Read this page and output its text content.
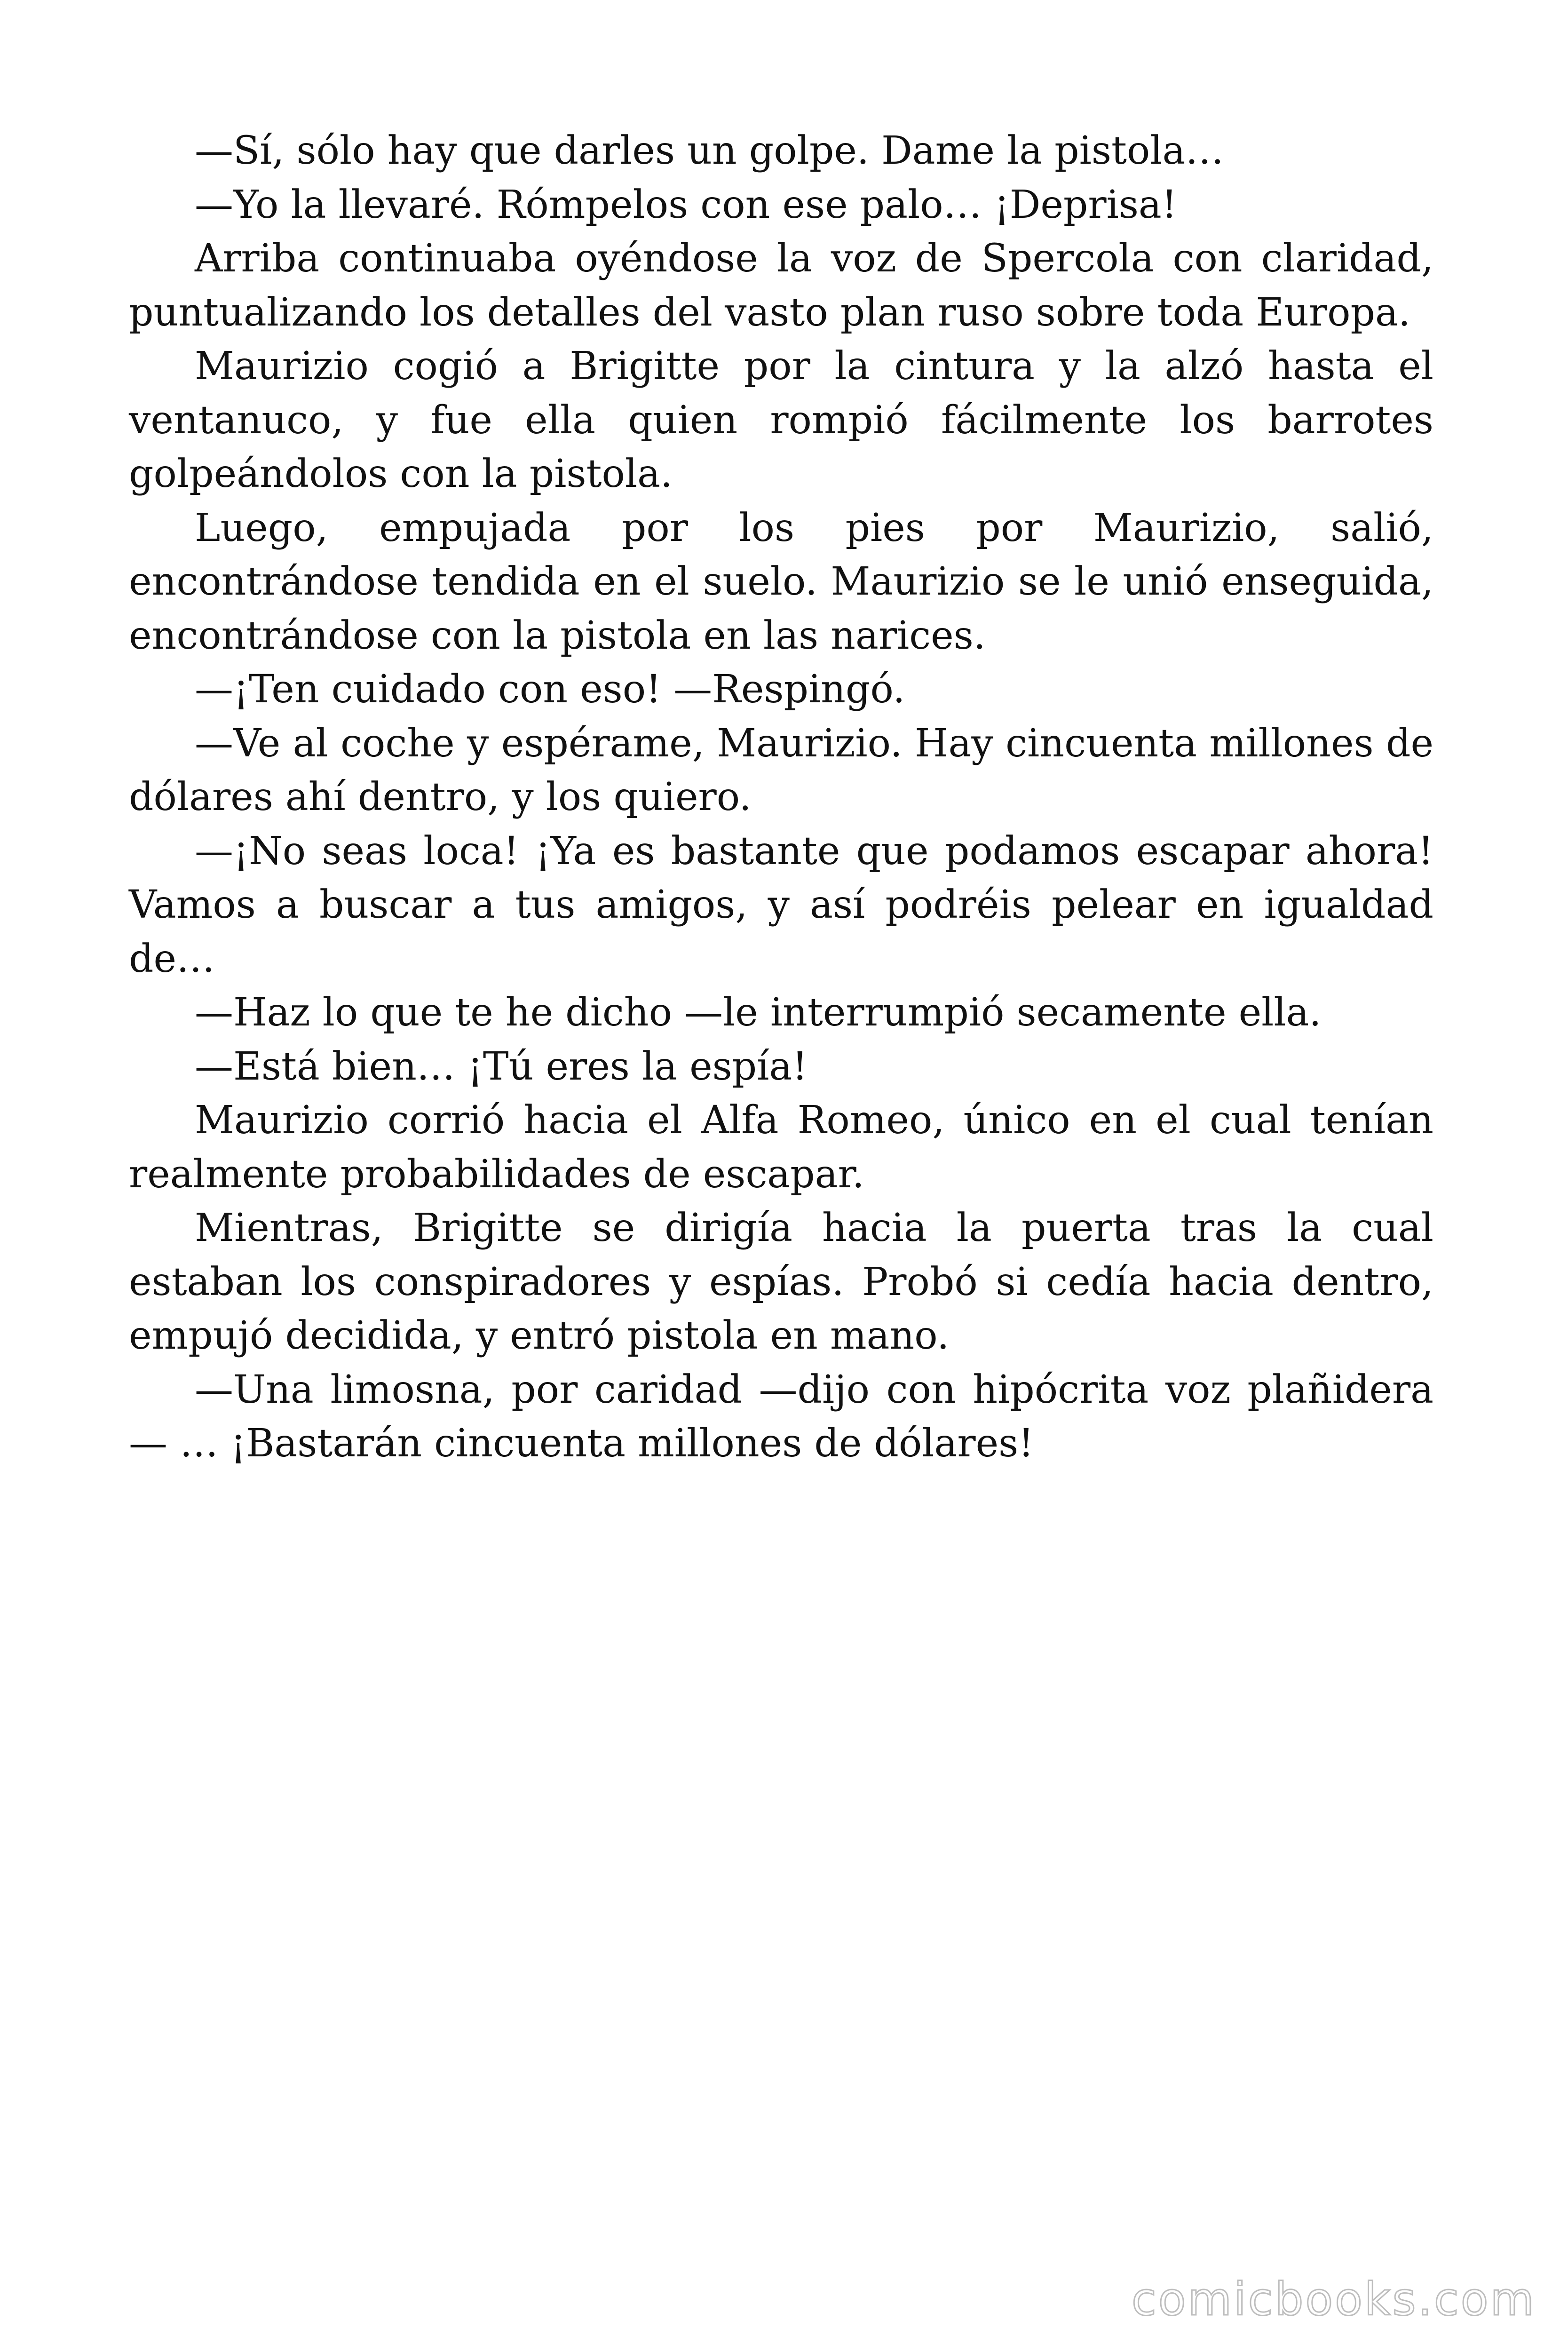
—Sí, sólo hay que darles un golpe. Dame la pistola…

—Yo la llevaré. Rómpelos con ese palo… ¡Deprisa!

Arriba continuaba oyéndose la voz de Spercola con claridad, puntualizando los detalles del vasto plan ruso sobre toda Europa.

Maurizio cogió a Brigitte por la cintura y la alzó hasta el ventanuco, y fue ella quien rompió fácilmente los barrotes golpeándolos con la pistola.

Luego, empujada por los pies por Maurizio, salió, encontrándose tendida en el suelo. Maurizio se le unió enseguida, encontrándose con la pistola en las narices.

—¡Ten cuidado con eso! —Respingó.

—Ve al coche y espérame, Maurizio. Hay cincuenta millones de dólares ahí dentro, y los quiero.

—¡No seas loca! ¡Ya es bastante que podamos escapar ahora! Vamos a buscar a tus amigos, y así podréis pelear en igualdad de…

—Haz lo que te he dicho —le interrumpió secamente ella.

—Está bien… ¡Tú eres la espía!

Maurizio corrió hacia el Alfa Romeo, único en el cual tenían realmente probabilidades de escapar.

Mientras, Brigitte se dirigía hacia la puerta tras la cual estaban los conspiradores y espías. Probó si cedía hacia dentro, empujó decidida, y entró pistola en mano.

—Una limosna, por caridad —dijo con hipócrita voz plañidera— … ¡Bastarán cincuenta millones de dólares!

comicbooks.com
